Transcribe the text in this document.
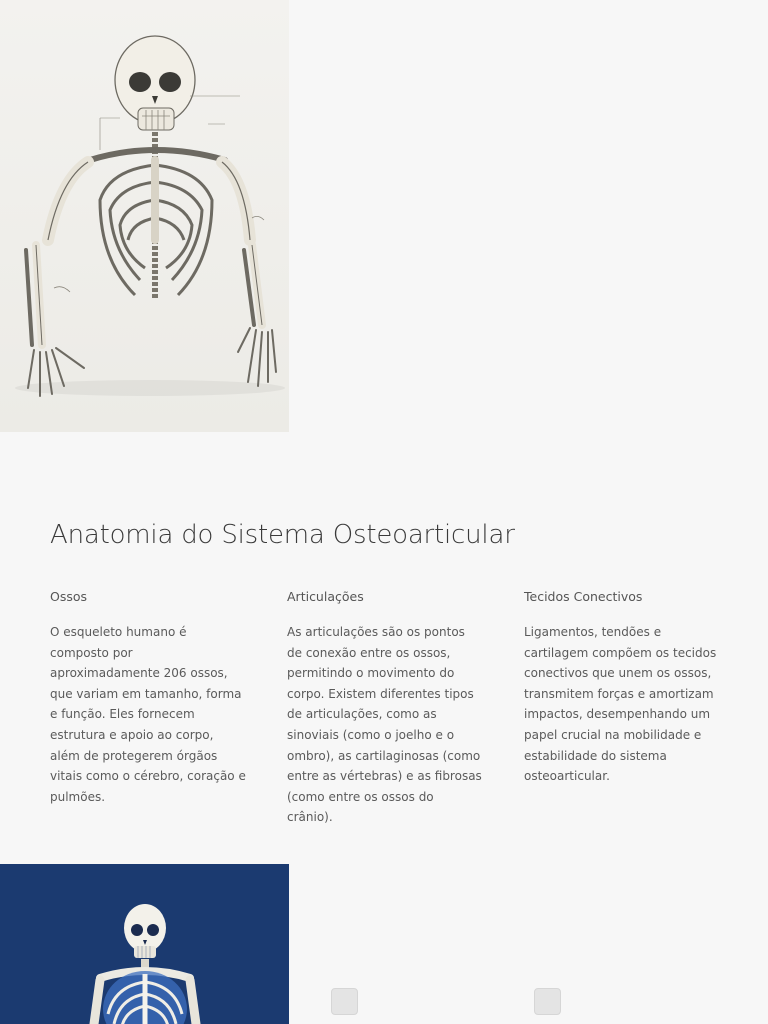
Anatomia do Sistema Osteoarticular
Ossos

O esqueleto humano é composto por aproximadamente 206 ossos, que variam em tamanho, forma e função. Eles fornecem estrutura e apoio ao corpo, além de protegerem órgãos vitais como o cérebro, coração e pulmões.

Articulações

As articulações são os pontos de conexão entre os ossos, permitindo o movimento do corpo. Existem diferentes tipos de articulações, como as sinoviais (como o joelho e o ombro), as cartilaginosas (como entre as vértebras) e as fibrosas (como entre os ossos do crânio).

Tecidos Conectivos

Ligamentos, tendões e cartilagem compõem os tecidos conectivos que unem os ossos, transmitem forças e amortizam impactos, desempenhando um papel crucial na mobilidade e estabilidade do sistema osteoarticular.
